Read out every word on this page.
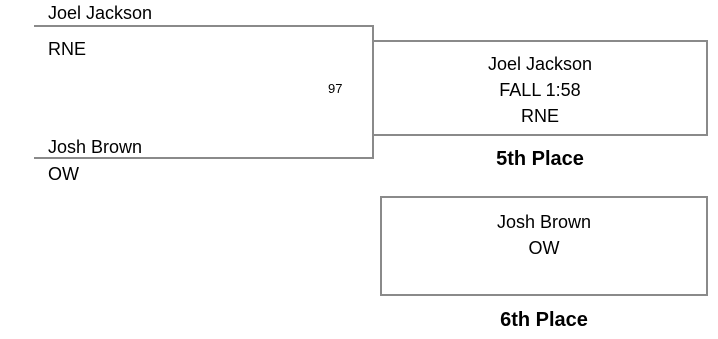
Joel Jackson
RNE
97
Josh Brown
OW
Joel Jackson
FALL 1:58
RNE
5th Place
Josh Brown
OW
6th Place
